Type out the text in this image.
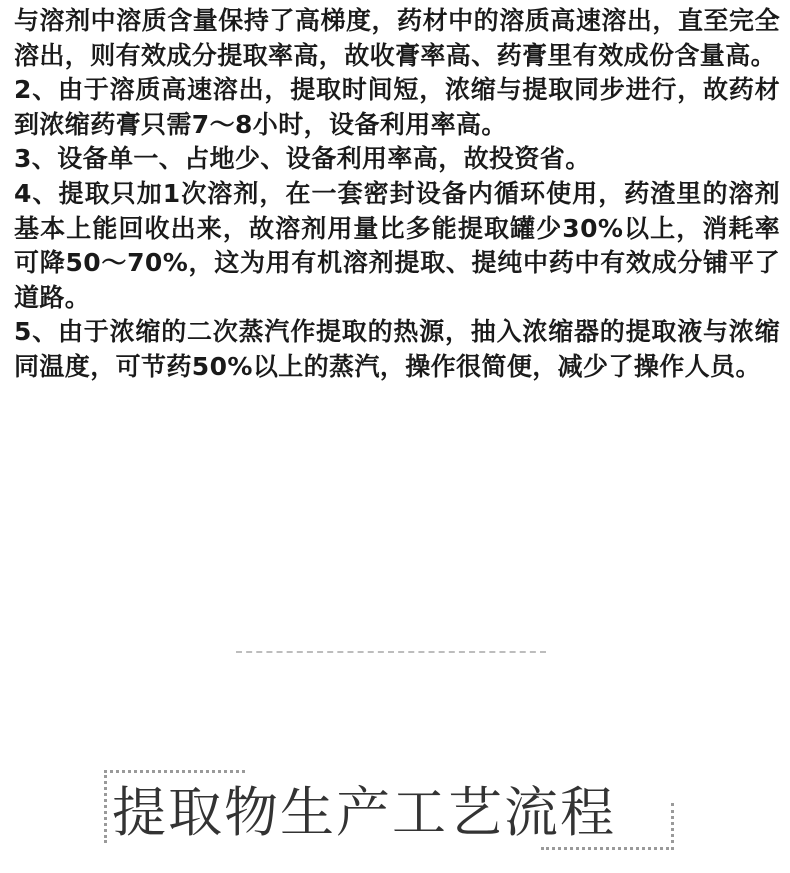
与溶剂中溶质含量保持了高梯度，药材中的溶质高速溶出，直至完全溶出，则有效成分提取率高，故收膏率高、药膏里有效成份含量高。

2、由于溶质高速溶出，提取时间短，浓缩与提取同步进行，故药材到浓缩药膏只需7～8小时，设备利用率高。

3、设备单一、占地少、设备利用率高，故投资省。

4、提取只加1次溶剂，在一套密封设备内循环使用，药渣里的溶剂基本上能回收出来，故溶剂用量比多能提取罐少30%以上，消耗率可降50～70%，这为用有机溶剂提取、提纯中药中有效成分铺平了道路。

5、由于浓缩的二次蒸汽作提取的热源，抽入浓缩器的提取液与浓缩同温度，可节药50%以上的蒸汽，操作很简便，减少了操作人员。

提取物生产工艺流程
